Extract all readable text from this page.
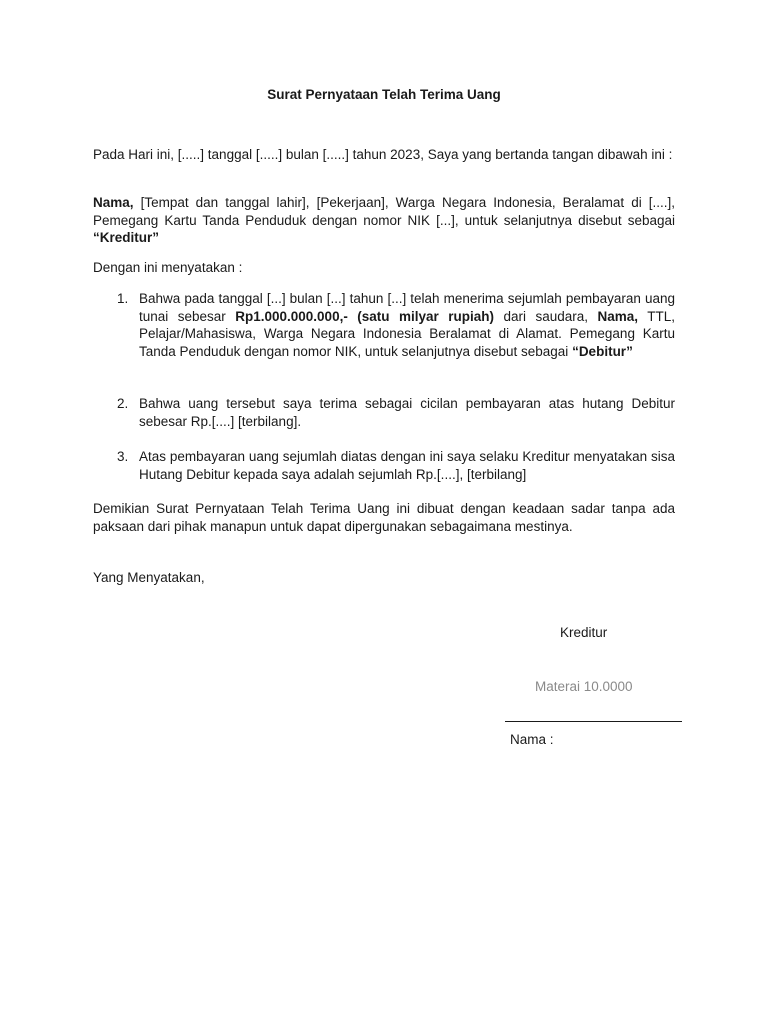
Surat Pernyataan Telah Terima Uang
Pada Hari ini, [.....] tanggal [.....] bulan [.....] tahun 2023, Saya yang bertanda tangan dibawah ini :
Nama, [Tempat dan tanggal lahir], [Pekerjaan], Warga Negara Indonesia, Beralamat di [....], Pemegang Kartu Tanda Penduduk dengan nomor NIK [...], untuk selanjutnya disebut sebagai “Kreditur”
Dengan ini menyatakan :
1. Bahwa pada tanggal [...] bulan [...] tahun [...] telah menerima sejumlah pembayaran uang tunai sebesar Rp1.000.000.000,- (satu milyar rupiah) dari saudara, Nama, TTL, Pelajar/Mahasiswa, Warga Negara Indonesia Beralamat di Alamat. Pemegang Kartu Tanda Penduduk dengan nomor NIK, untuk selanjutnya disebut sebagai “Debitur”
2. Bahwa uang tersebut saya terima sebagai cicilan pembayaran atas hutang Debitur sebesar Rp.[....] [terbilang].
3. Atas pembayaran uang sejumlah diatas dengan ini saya selaku Kreditur menyatakan sisa Hutang Debitur kepada saya adalah sejumlah Rp.[....], [terbilang]
Demikian Surat Pernyataan Telah Terima Uang ini dibuat dengan keadaan sadar tanpa ada paksaan dari pihak manapun untuk dapat dipergunakan sebagaimana mestinya.
Yang Menyatakan,
Kreditur
Materai 10.0000
Nama :
